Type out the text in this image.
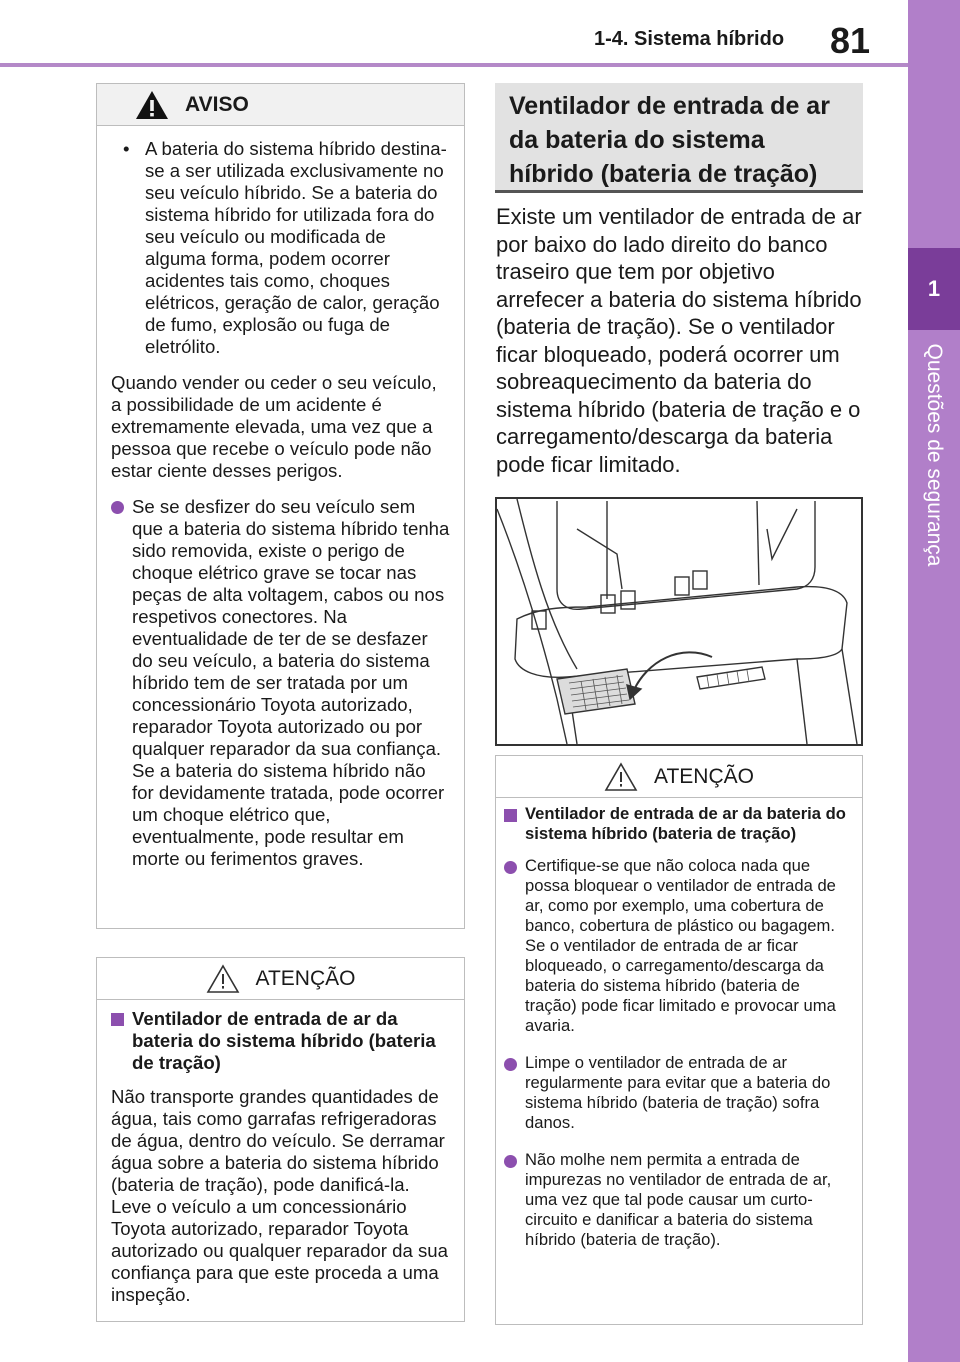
1-4. Sistema híbrido 81
1
Questões de segurança
AVISO
• A bateria do sistema híbrido destina-se a ser utilizada exclusivamente no seu veículo híbrido. Se a bateria do sistema híbrido for utilizada fora do seu veículo ou modificada de alguma forma, podem ocorrer acidentes tais como, choques elétricos, geração de calor, geração de fumo, explosão ou fuga de eletrólito.
Quando vender ou ceder o seu veículo, a possibilidade de um acidente é extremamente elevada, uma vez que a pessoa que recebe o veículo pode não estar ciente desses perigos.
Se se desfizer do seu veículo sem que a bateria do sistema híbrido tenha sido removida, existe o perigo de choque elétrico grave se tocar nas peças de alta voltagem, cabos ou nos respetivos conectores. Na eventualidade de ter de se desfazer do seu veículo, a bateria do sistema híbrido tem de ser tratada por um concessionário Toyota autorizado, reparador Toyota autorizado ou por qualquer reparador da sua confiança. Se a bateria do sistema híbrido não for devidamente tratada, pode ocorrer um choque elétrico que, eventualmente, pode resultar em morte ou ferimentos graves.
ATENÇÃO
Ventilador de entrada de ar da bateria do sistema híbrido (bateria de tração)
Não transporte grandes quantidades de água, tais como garrafas refrigeradoras de água, dentro do veículo. Se derramar água sobre a bateria do sistema híbrido (bateria de tração), pode danificá-la. Leve o veículo a um concessionário Toyota autorizado, reparador Toyota autorizado ou qualquer reparador da sua confiança para que este proceda a uma inspeção.
Ventilador de entrada de ar da bateria do sistema híbrido (bateria de tração)
Existe um ventilador de entrada de ar por baixo do lado direito do banco traseiro que tem por objetivo arrefecer a bateria do sistema híbrido (bateria de tração). Se o ventilador ficar bloqueado, poderá ocorrer um sobreaquecimento da bateria do sistema híbrido (bateria de tração e o carregamento/descarga da bateria pode ficar limitado.
ATENÇÃO
Ventilador de entrada de ar da bateria do sistema híbrido (bateria de tração)
Certifique-se que não coloca nada que possa bloquear o ventilador de entrada de ar, como por exemplo, uma cobertura de banco, cobertura de plástico ou bagagem. Se o ventilador de entrada de ar ficar bloqueado, o carregamento/descarga da bateria do sistema híbrido (bateria de tração) pode ficar limitado e provocar uma avaria.
Limpe o ventilador de entrada de ar regularmente para evitar que a bateria do sistema híbrido (bateria de tração) sofra danos.
Não molhe nem permita a entrada de impurezas no ventilador de entrada de ar, uma vez que tal pode causar um curto-circuito e danificar a bateria do sistema híbrido (bateria de tração).
